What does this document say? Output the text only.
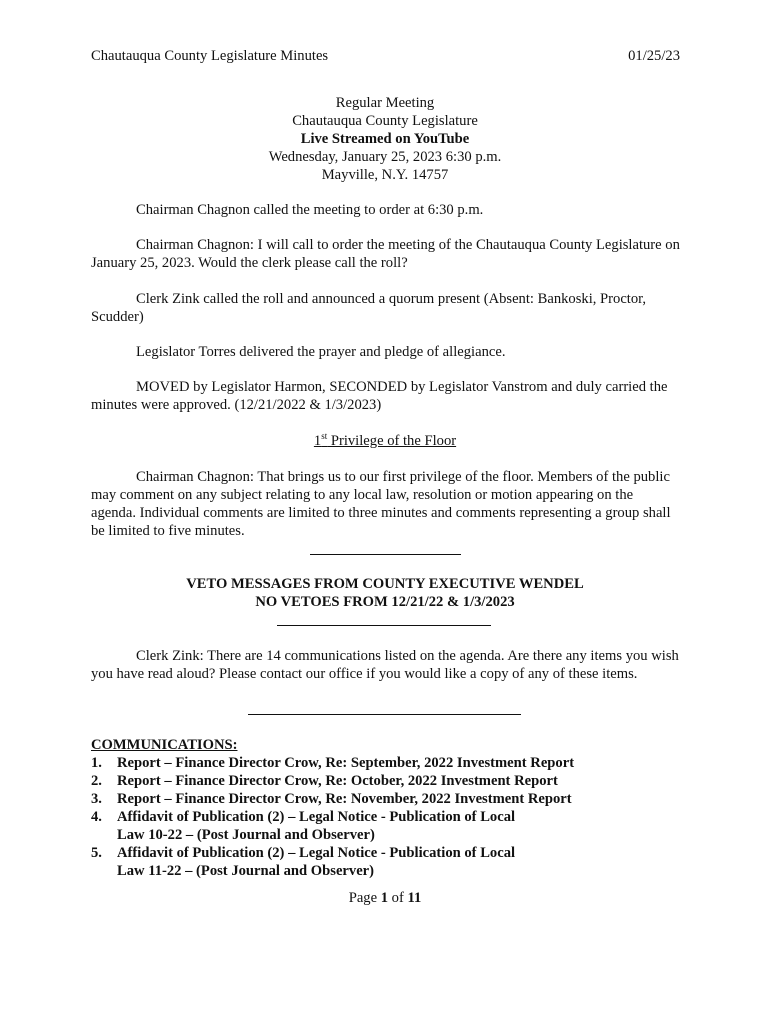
Chautauqua County Legislature Minutes	01/25/23
Regular Meeting
Chautauqua County Legislature
Live Streamed on YouTube
Wednesday, January 25, 2023 6:30 p.m.
Mayville, N.Y. 14757
Chairman Chagnon called the meeting to order at 6:30 p.m.
Chairman Chagnon: I will call to order the meeting of the Chautauqua County Legislature on January 25, 2023. Would the clerk please call the roll?
Clerk Zink called the roll and announced a quorum present (Absent: Bankoski, Proctor, Scudder)
Legislator Torres delivered the prayer and pledge of allegiance.
MOVED by Legislator Harmon, SECONDED by Legislator Vanstrom and duly carried the minutes were approved. (12/21/2022 & 1/3/2023)
1st Privilege of the Floor
Chairman Chagnon: That brings us to our first privilege of the floor. Members of the public may comment on any subject relating to any local law, resolution or motion appearing on the agenda. Individual comments are limited to three minutes and comments representing a group shall be limited to five minutes.
VETO MESSAGES FROM COUNTY EXECUTIVE WENDEL
NO VETOES FROM 12/21/22 & 1/3/2023
Clerk Zink: There are 14 communications listed on the agenda. Are there any items you wish you have read aloud? Please contact our office if you would like a copy of any of these items.
COMMUNICATIONS:
1. Report – Finance Director Crow, Re: September, 2022 Investment Report
2. Report – Finance Director Crow, Re: October, 2022 Investment Report
3. Report – Finance Director Crow, Re: November, 2022 Investment Report
4. Affidavit of Publication (2) – Legal Notice - Publication of Local Law 10-22 – (Post Journal and Observer)
5. Affidavit of Publication (2) – Legal Notice - Publication of Local Law 11-22 – (Post Journal and Observer)
Page 1 of 11
